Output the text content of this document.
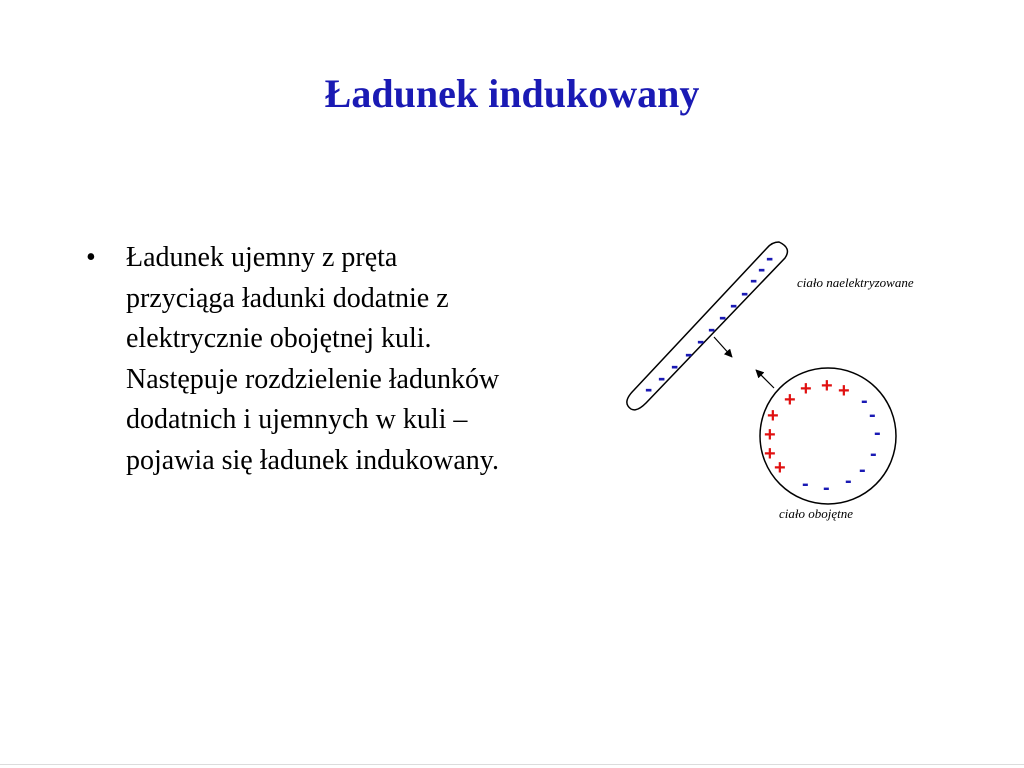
Ładunek indukowany
•	Ładunek ujemny z pręta
przyciąga ładunki dodatnie z
elektrycznie obojętnej kuli.
Następuje rozdzielenie ładunków
dodatnich i ujemnych w kuli –
pojawia się ładunek indukowany.
-
-
-
-
-
-
-
-
-
-
-
-
ciało naelektryzowane
+ + + +
+
+
+
+
-
-
-
-
-
-
-
-
ciało obojętne
